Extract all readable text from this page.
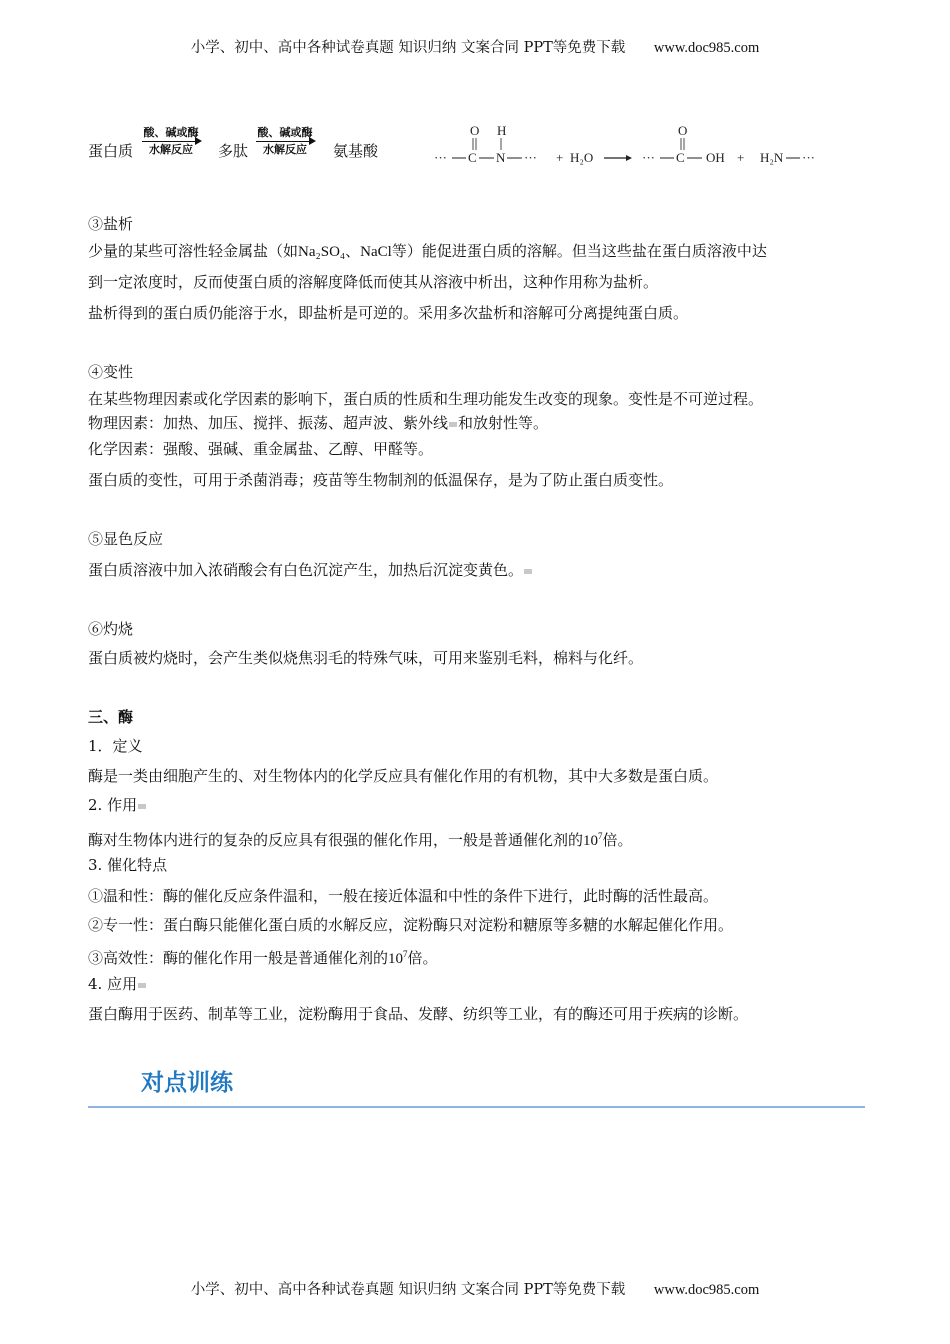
小学、初中、高中各种试卷真题 知识归纳 文案合同 PPT等免费下载 www.doc985.com
蛋白质
酸、碱或酶
水解反应	多肽
酸、碱或酶
水解反应	氨基酸	··· C
O
N
H
··· + H₂O	··· C
O
OH + H₂N ···
③盐析
少量的某些可溶性轻金属盐（如Na₂SO₄、NaCl等）能促进蛋白质的溶解。但当这些盐在蛋白质溶液中达
到一定浓度时，反而使蛋白质的溶解度降低而使其从溶液中析出，这种作用称为盐析。
盐析得到的蛋白质仍能溶于水，即盐析是可逆的。采用多次盐析和溶解可分离提纯蛋白质。
④变性
在某些物理因素或化学因素的影响下，蛋白质的性质和生理功能发生改变的现象。变性是不可逆过程。
物理因素：加热、加压、搅拌、振荡、超声波、紫外线 和放射性等。
化学因素：强酸、强碱、重金属盐、乙醇、甲醛等。
蛋白质的变性，可用于杀菌消毒；疫苗等生物制剂的低温保存，是为了防止蛋白质变性。
⑤显色反应
蛋白质溶液中加入浓硝酸会有白色沉淀产生，加热后沉淀变黄色。
⑥灼烧
蛋白质被灼烧时，会产生类似烧焦羽毛的特殊气味，可用来鉴别毛料，棉料与化纤。
三、酶
1．定义
酶是一类由细胞产生的、对生物体内的化学反应具有催化作用的有机物，其中大多数是蛋白质。
2. 作用
酶对生物体内进行的复杂的反应具有很强的催化作用，一般是普通催化剂的$10^7$倍。
3. 催化特点
①温和性：酶的催化反应条件温和，一般在接近体温和中性的条件下进行，此时酶的活性最高。
②专一性：蛋白酶只能催化蛋白质的水解反应，淀粉酶只对淀粉和糖原等多糖的水解起催化作用。
③高效性：酶的催化作用一般是普通催化剂的$10^7$倍。
4. 应用
蛋白酶用于医药、制革等工业，淀粉酶用于食品、发酵、纺织等工业，有的酶还可用于疾病的诊断。
对点训练
小学、初中、高中各种试卷真题 知识归纳 文案合同 PPT等免费下载 www.doc985.com
